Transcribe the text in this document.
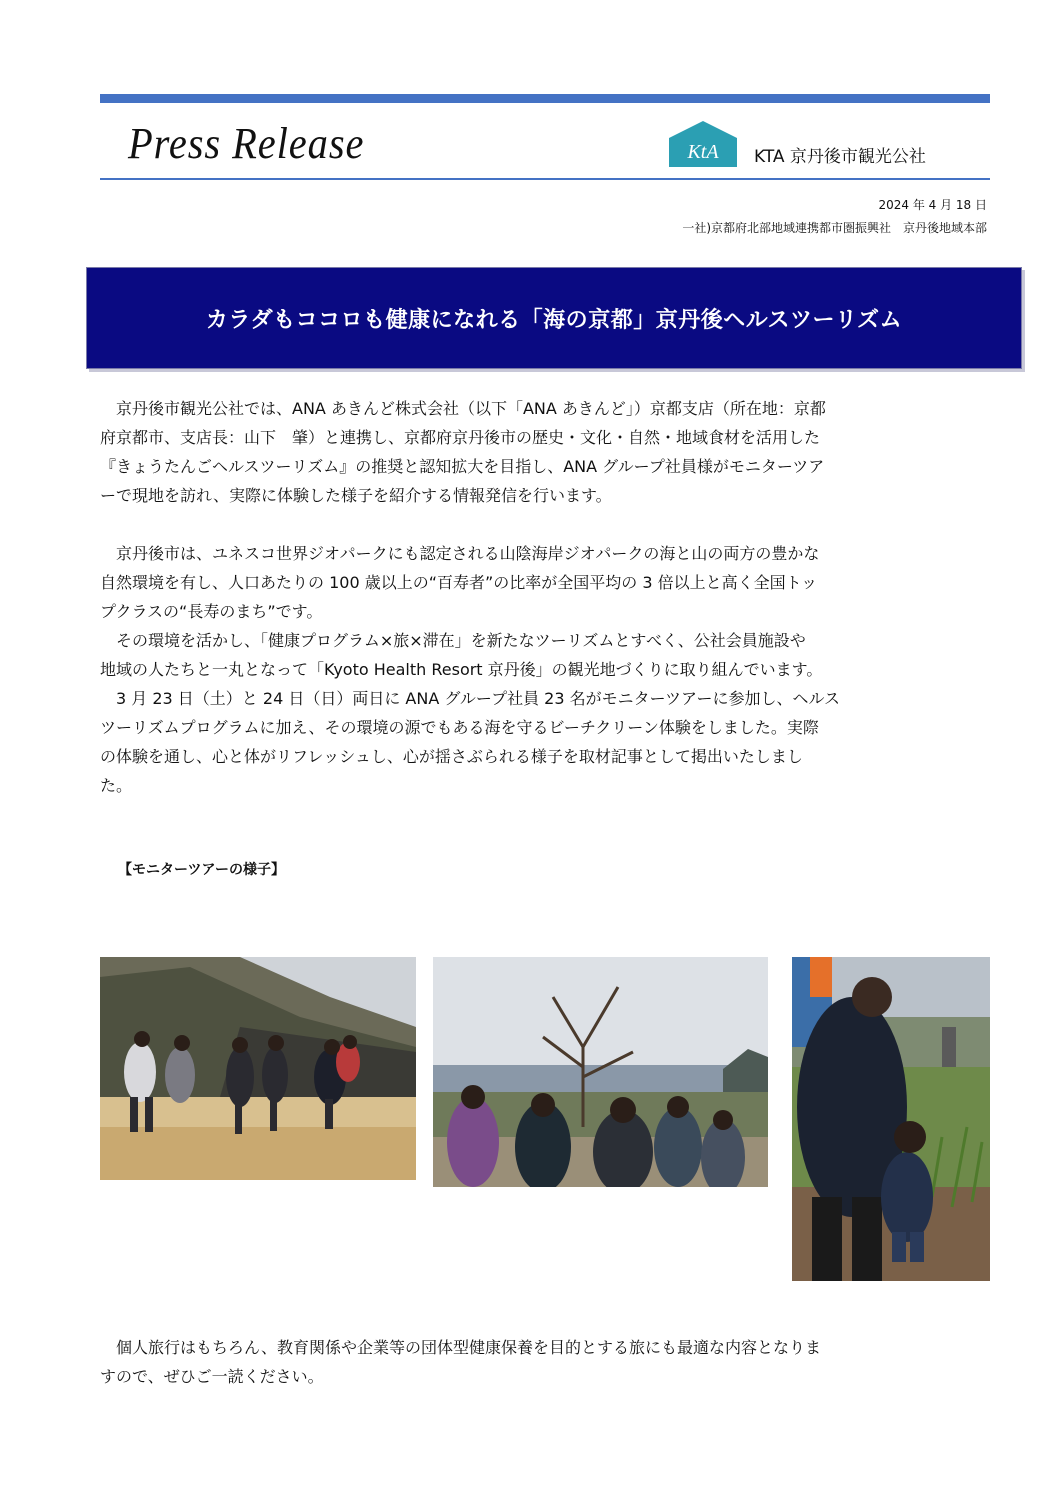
Press Release	KtA KTA 京丹後市観光公社
2024 年 4 月 18 日
一社)京都府北部地域連携都市圏振興社　京丹後地域本部
カラダもココロも健康になれる「海の京都」京丹後ヘルスツーリズム
　京丹後市観光公社では、ANA あきんど株式会社（以下「ANA あきんど」）京都支店（所在地：京都
府京都市、支店長：山下　肇）と連携し、京都府京丹後市の歴史・文化・自然・地域食材を活用した
『きょうたんごヘルスツーリズム』の推奨と認知拡大を目指し、ANA グループ社員様がモニターツア
ーで現地を訪れ、実際に体験した様子を紹介する情報発信を行います。
　京丹後市は、ユネスコ世界ジオパークにも認定される山陰海岸ジオパークの海と山の両方の豊かな
自然環境を有し、人口あたりの 100 歳以上の“百寿者”の比率が全国平均の 3 倍以上と高く全国トッ
プクラスの“長寿のまち”です。
　その環境を活かし、「健康プログラム×旅×滞在」を新たなツーリズムとすべく、公社会員施設や
地域の人たちと一丸となって「Kyoto Health Resort 京丹後」の観光地づくりに取り組んでいます。
　3 月 23 日（土）と 24 日（日）両日に ANA グループ社員 23 名がモニターツアーに参加し、ヘルス
ツーリズムプログラムに加え、その環境の源でもある海を守るビーチクリーン体験をしました。実際
の体験を通し、心と体がリフレッシュし、心が揺さぶられる様子を取材記事として掲出いたしまし
た。
【モニターツアーの様子】
　個人旅行はもちろん、教育関係や企業等の団体型健康保養を目的とする旅にも最適な内容となりま
すので、ぜひご一読ください。
